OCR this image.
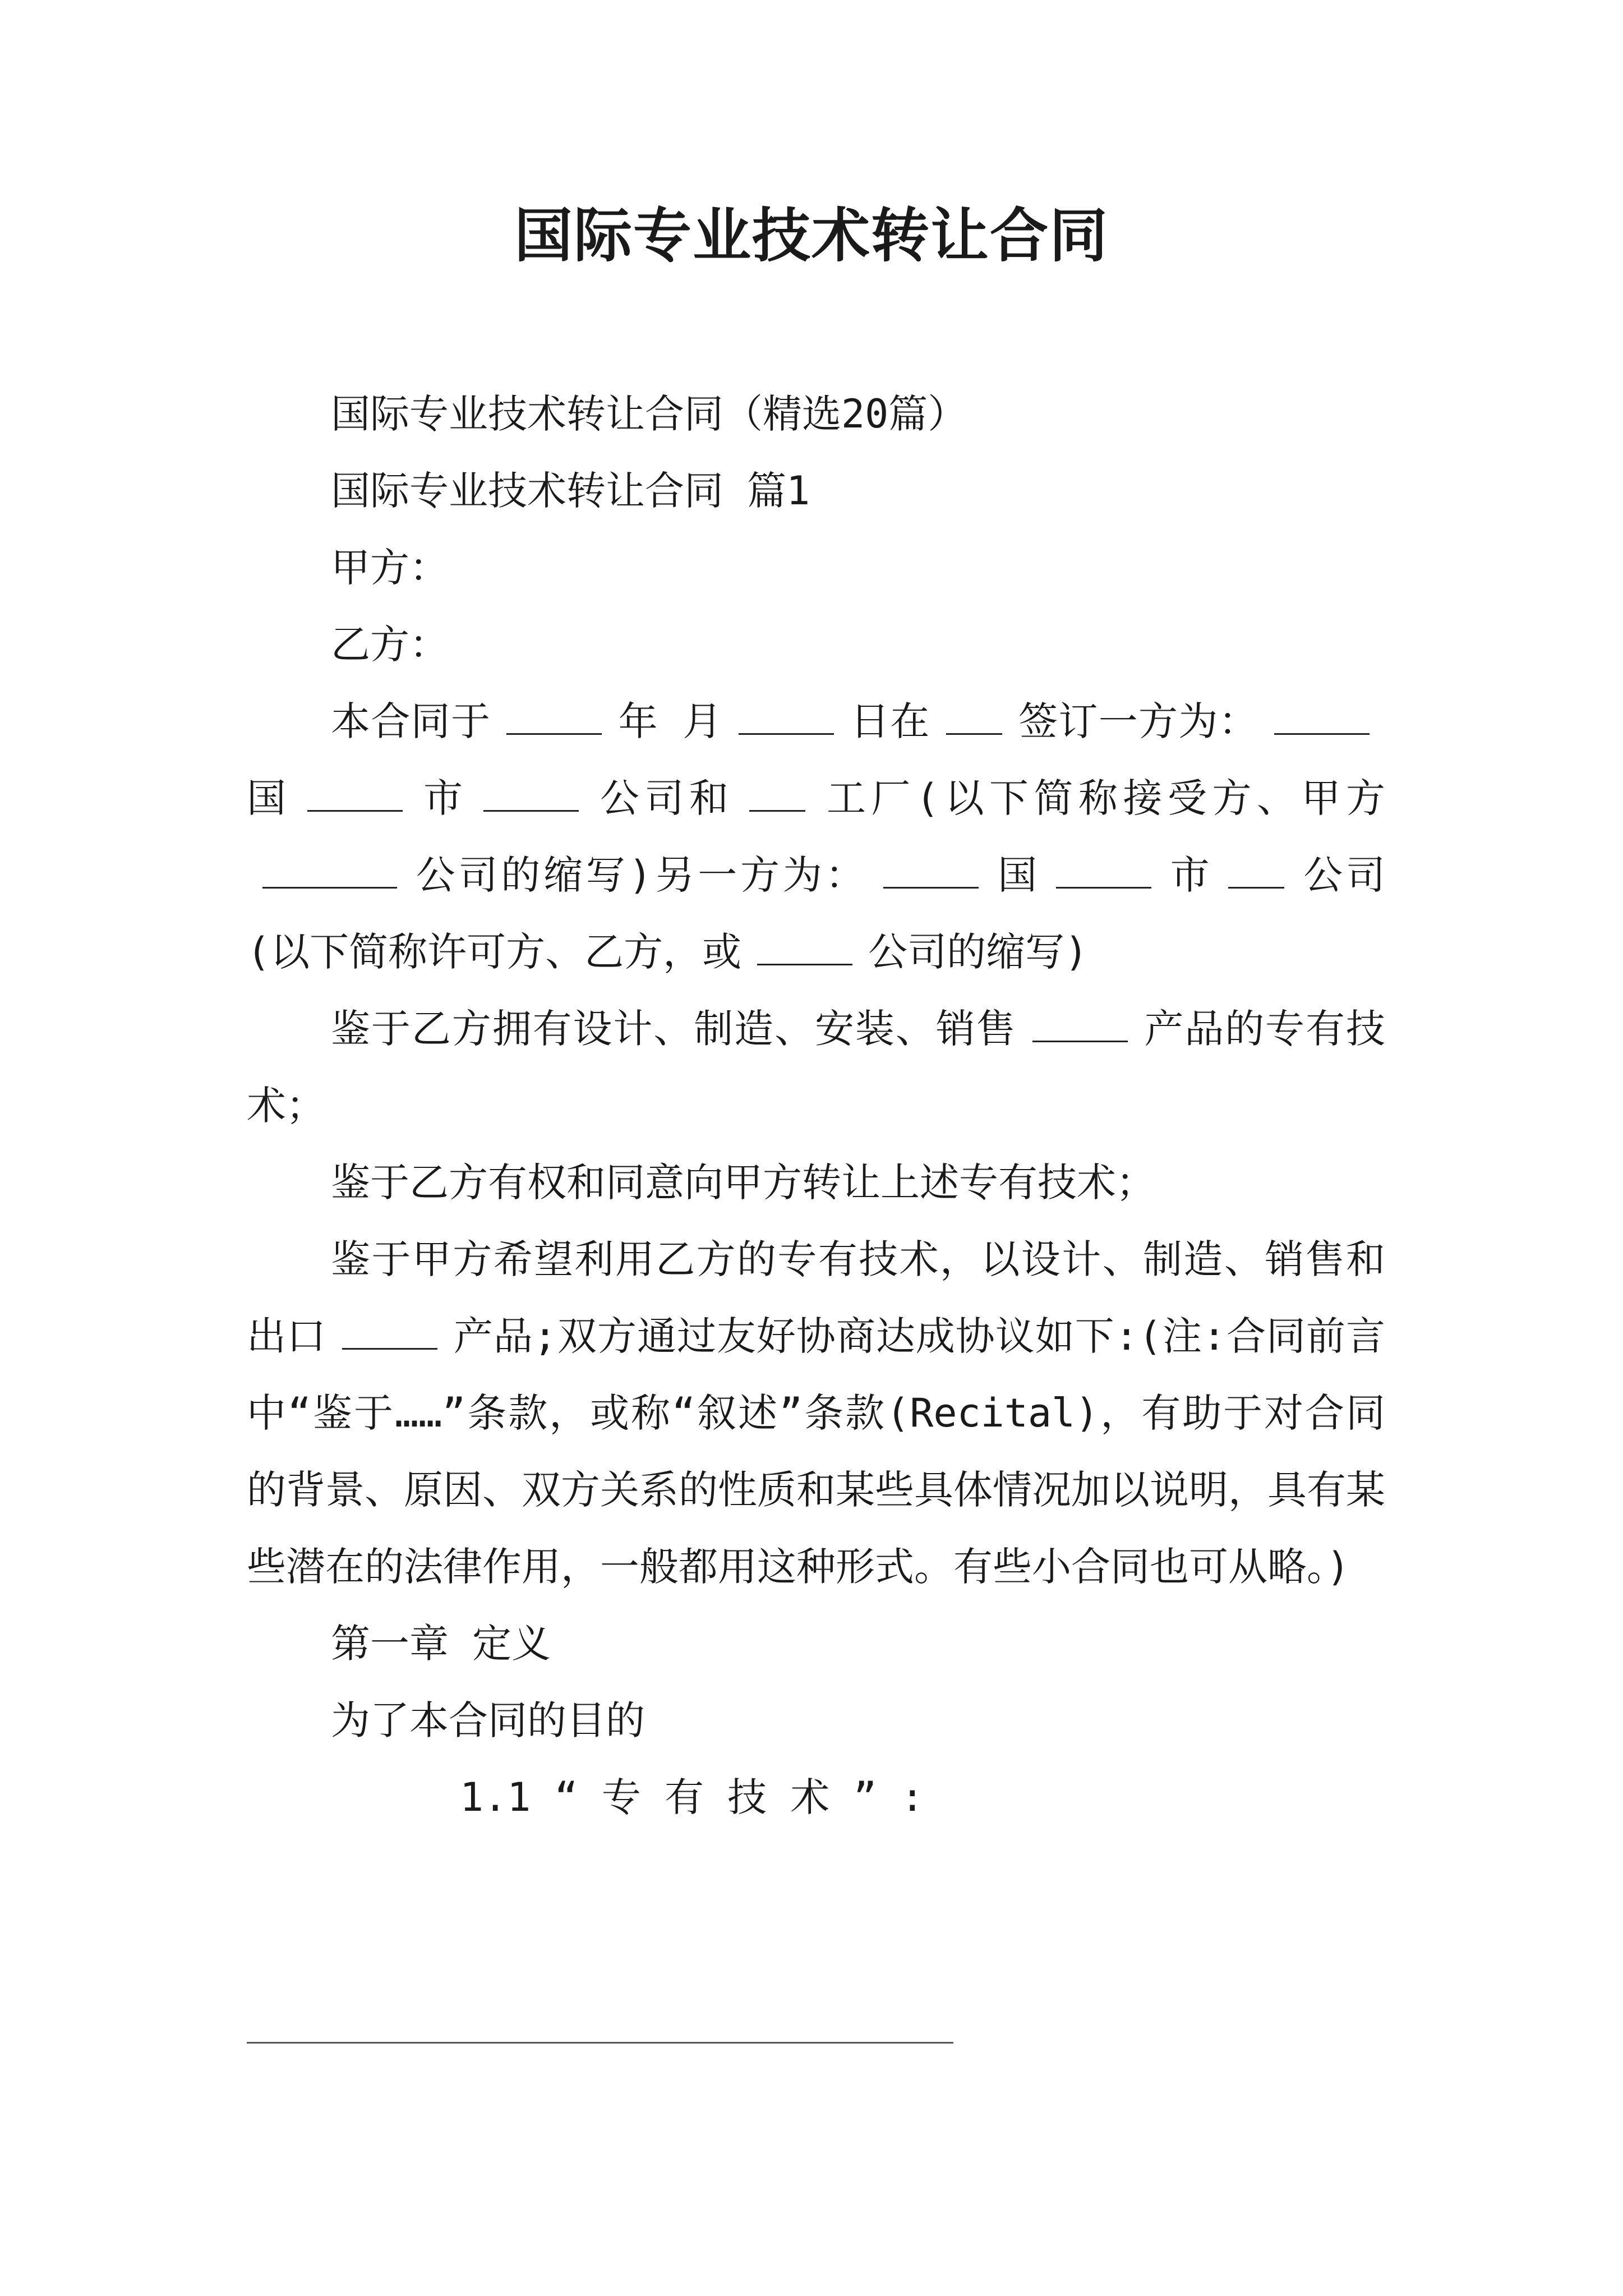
国际专业技术转让合同

国际专业技术转让合同（精选20篇）

国际专业技术转让合同 篇1

甲方：

乙方：

本合同于	年 月	日在 签订一方为：国	市	公司和 工厂(以下简称接受方、甲方公司的缩写)另一方为：	国	市 公司(以下简称许可方、乙方，或	公司的缩写)

鉴于乙方拥有设计、制造、安装、销售	产品的专有技术；

鉴于乙方有权和同意向甲方转让上述专有技术；

鉴于甲方希望利用乙方的专有技术，以设计、制造、销售和出口	产品;双方通过友好协商达成协议如下:(注:合同前言中“鉴于……”条款，或称“叙述”条款(Recital)，有助于对合同的背景、原因、双方关系的性质和某些具体情况加以说明，具有某些潜在的法律作用，一般都用这种形式。有些小合同也可从略。)

第一章 定义

为了本合同的目的

1.1 “ 专 有 技 术 ” :
